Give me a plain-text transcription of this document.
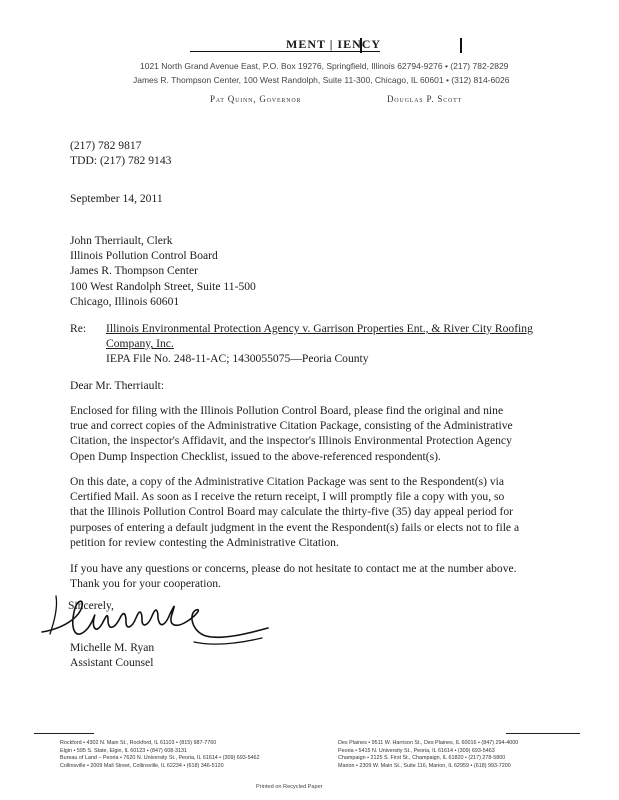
MENT | IENCY
1021 North Grand Avenue East, P.O. Box 19276, Springfield, Illinois 62794-9276 • (217) 782-2829
James R. Thompson Center, 100 West Randolph, Suite 11-300, Chicago, IL 60601 • (312) 814-6026
Pat Quinn, Governor	Douglas P. Scott
(217) 782 9817
TDD: (217) 782 9143
September 14, 2011
John Therriault, Clerk
Illinois Pollution Control Board
James R. Thompson Center
100 West Randolph Street, Suite 11-500
Chicago, Illinois 60601
Re: Illinois Environmental Protection Agency v. Garrison Properties Ent., & River City Roofing
Company, Inc.
IEPA File No. 248-11-AC; 1430055075—Peoria County
Dear Mr. Therriault:
Enclosed for filing with the Illinois Pollution Control Board, please find the original and nine
true and correct copies of the Administrative Citation Package, consisting of the Administrative
Citation, the inspector's Affidavit, and the inspector's Illinois Environmental Protection Agency
Open Dump Inspection Checklist, issued to the above-referenced respondent(s).
On this date, a copy of the Administrative Citation Package was sent to the Respondent(s) via
Certified Mail. As soon as I receive the return receipt, I will promptly file a copy with you, so
that the Illinois Pollution Control Board may calculate the thirty-five (35) day appeal period for
purposes of entering a default judgment in the event the Respondent(s) fails or elects not to file a
petition for review contesting the Administrative Citation.
If you have any questions or concerns, please do not hesitate to contact me at the number above.
Thank you for your cooperation.
Sincerely,
Michelle M. Ryan
Assistant Counsel
Rockford • 4302 N. Main St., Rockford, IL 61103 • (815) 987-7760
Elgin • 595 S. State, Elgin, IL 60123 • (847) 608-3131
Bureau of Land – Peoria • 7620 N. University St., Peoria, IL 61614 • (309) 693-5462
Collinsville • 2009 Mall Street, Collinsville, IL 62234 • (618) 346-5120
Des Plaines • 9511 W. Harrison St., Des Plaines, IL 60016 • (847) 294-4000
Peoria • 5415 N. University St., Peoria, IL 61614 • (309) 693-5463
Champaign • 2125 S. First St., Champaign, IL 61820 • (217) 278-5800
Marion • 2309 W. Main St., Suite 116, Marion, IL 62959 • (618) 993-7200
Printed on Recycled Paper
